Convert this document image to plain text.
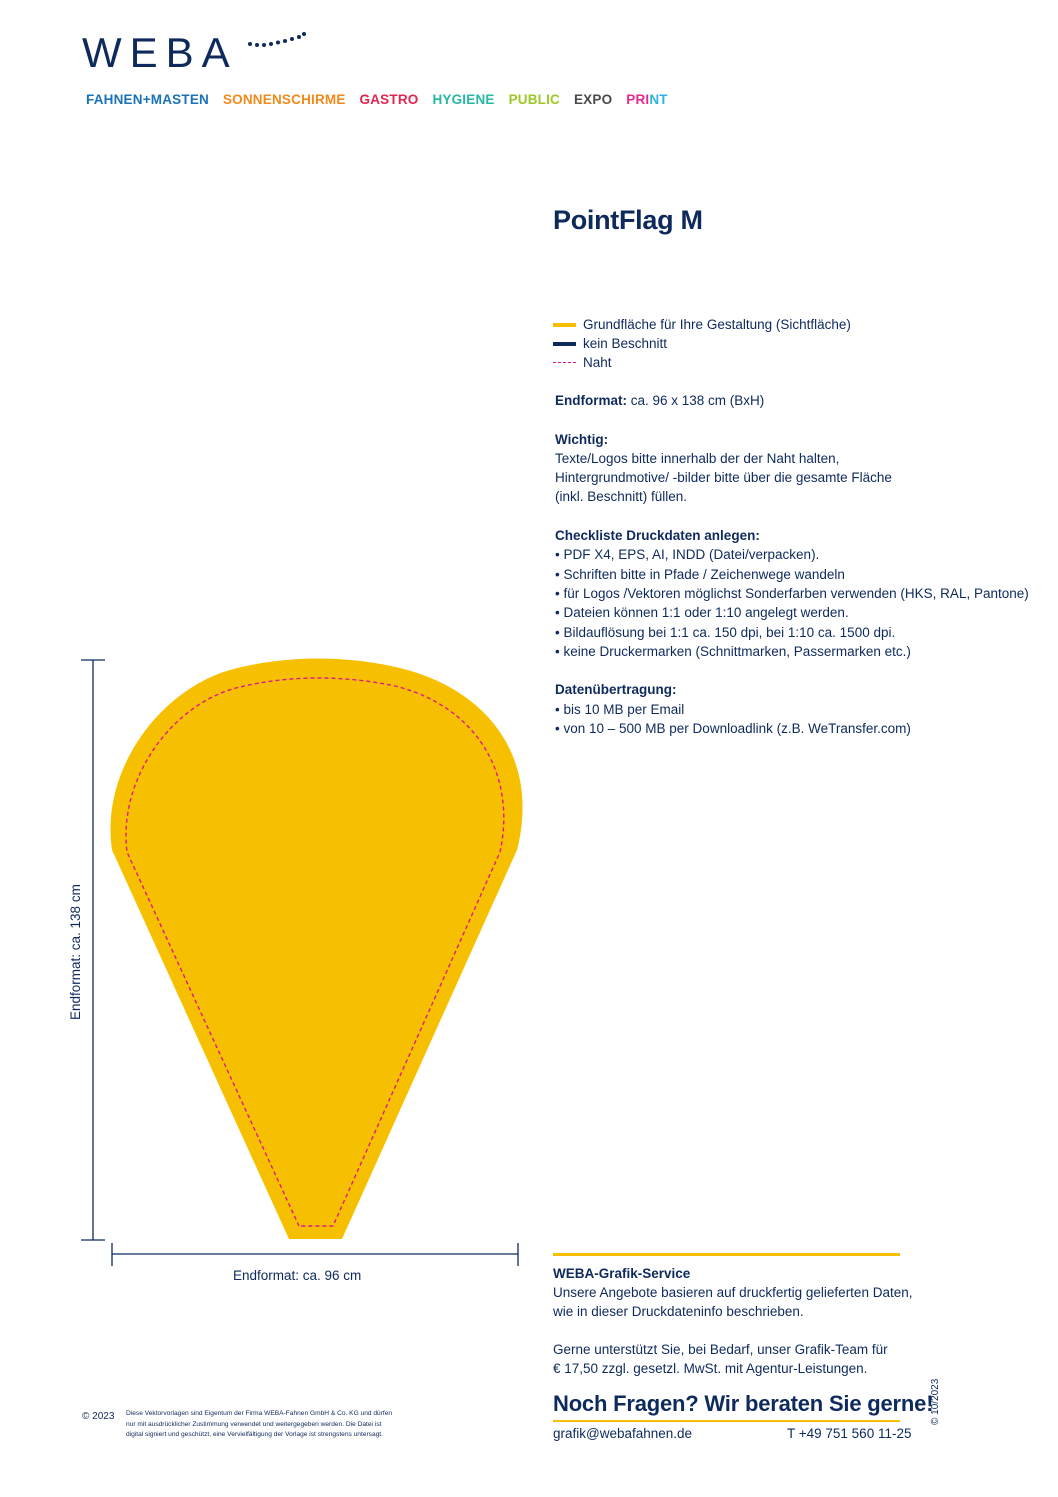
WEBA
FAHNEN+MASTEN SONNENSCHIRME GASTRO HYGIENE PUBLIC EXPO PRINT
PointFlag M
Grundfläche für Ihre Gestaltung (Sichtfläche)
kein Beschnitt
Naht

Endformat: ca. 96 x 138 cm (BxH)

Wichtig:
Texte/Logos bitte innerhalb der der Naht halten,
Hintergrundmotive/ -bilder bitte über die gesamte Fläche
(inkl. Beschnitt) füllen.

Checkliste Druckdaten anlegen:
• PDF X4, EPS, AI, INDD (Datei/verpacken).
• Schriften bitte in Pfade / Zeichenwege wandeln
• für Logos /Vektoren möglichst Sonderfarben verwenden (HKS, RAL, Pantone)
• Dateien können 1:1 oder 1:10 angelegt werden.
• Bildauflösung bei 1:1 ca. 150 dpi, bei 1:10 ca. 1500 dpi.
• keine Druckermarken (Schnittmarken, Passermarken etc.)

Datenübertragung:
• bis 10 MB per Email
• von 10 – 500 MB per Downloadlink (z.B. WeTransfer.com)

Endformat: ca. 138 cm
Endformat: ca. 96 cm	WEBA-Grafik-Service
Unsere Angebote basieren auf druckfertig gelieferten Daten,
wie in dieser Druckdateninfo beschrieben.
Gerne unterstützt Sie, bei Bedarf, unser Grafik-Team für
€ 17,50 zzgl. gesetzl. MwSt. mit Agentur-Leistungen.
Noch Fragen? Wir beraten Sie gerne!
grafik@webafahnen.de	T +49 751 560 11-25
© 2023 Diese Vektorvorlagen sind Eigentum der Firma WEBA-Fahnen GmbH & Co. KG und dürfen
nur mit ausdrücklicher Zustimmung verwendet und weitergegeben werden. Die Datei ist
digital signiert und geschützt, eine Vervielfältigung der Vorlage ist strengstens untersagt.
© 10/2023
